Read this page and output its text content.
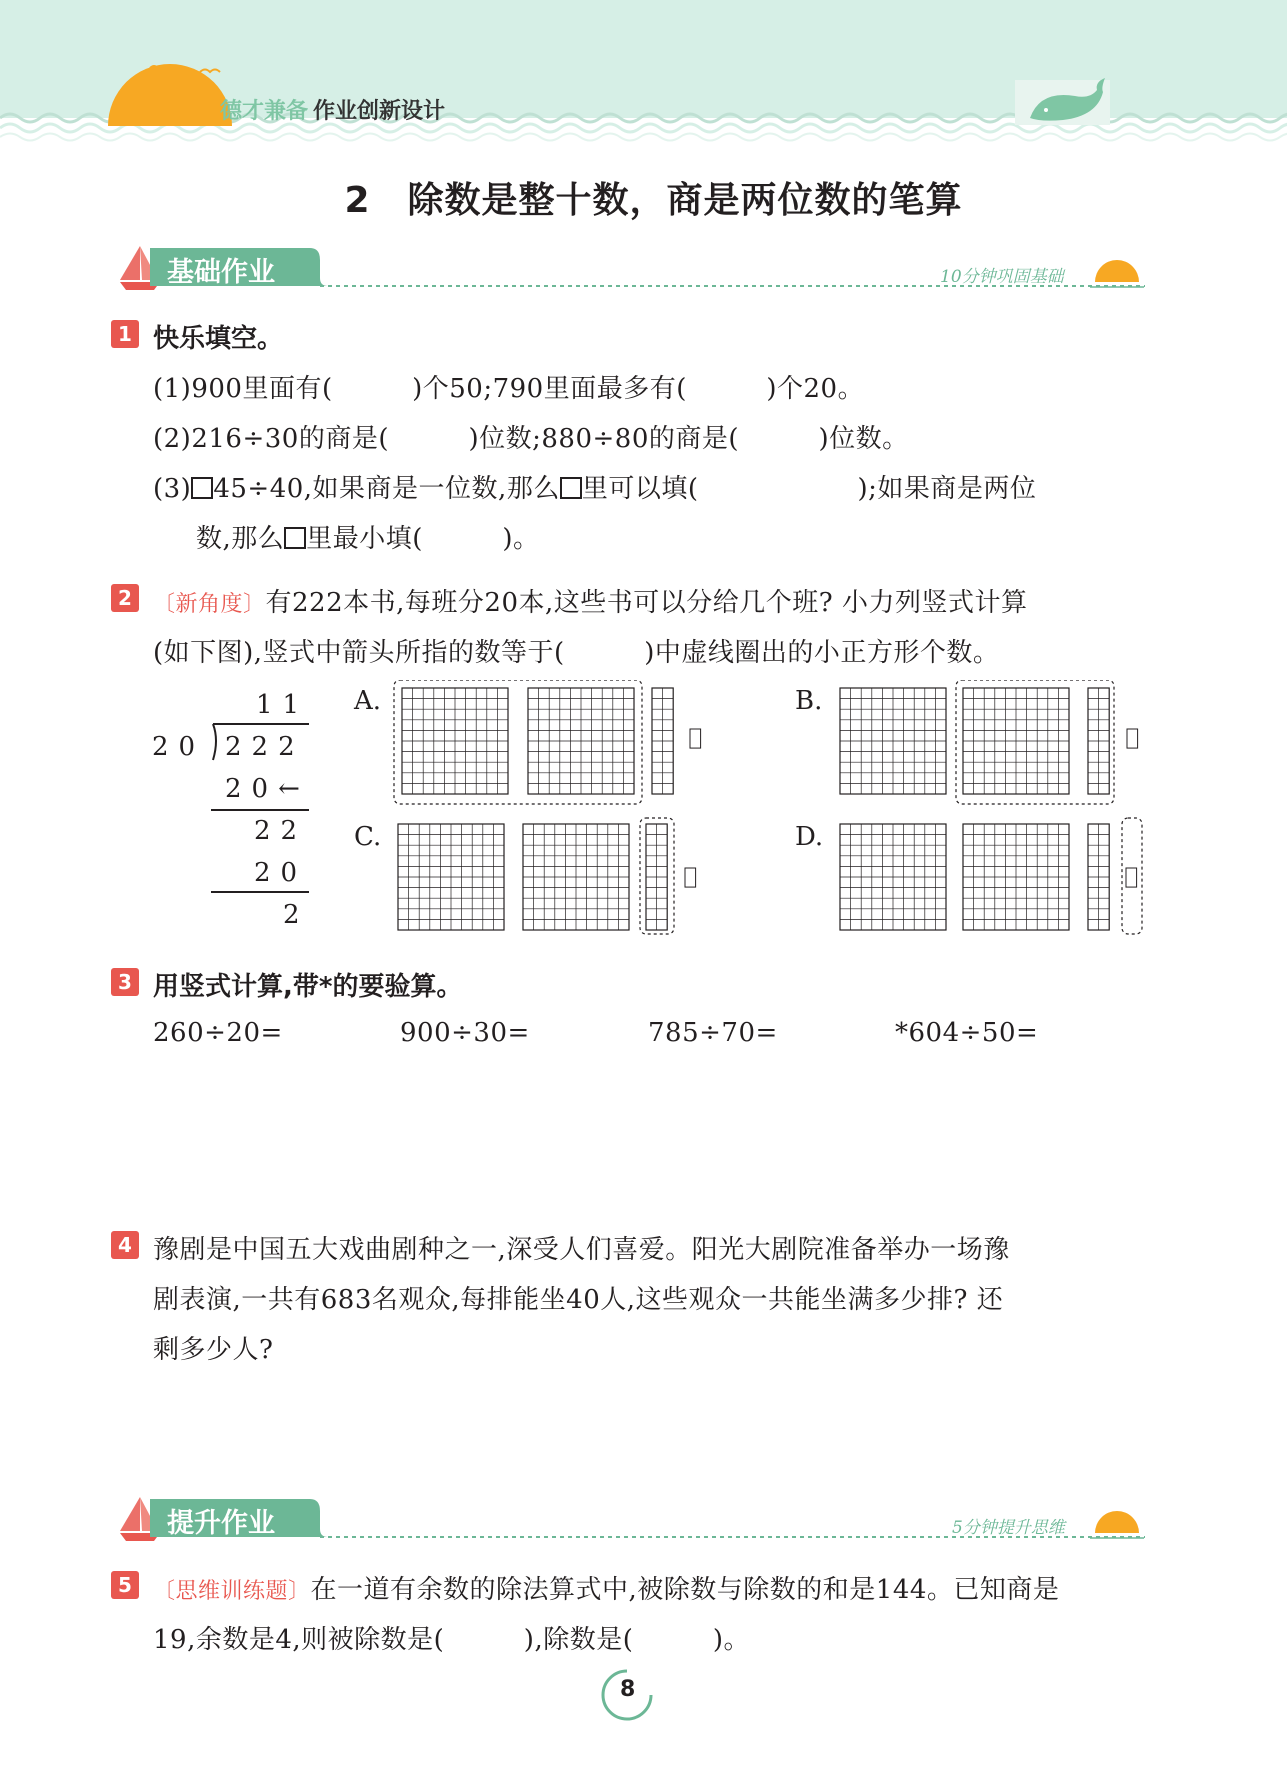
德才兼备 作业创新设计
2　除数是整十数，商是两位数的笔算
基础作业	10分钟巩固基础
1 快乐填空。
(1)900里面有(　　　)个50;790里面最多有(　　　)个20。
(2)216÷30的商是(　　　)位数;880÷80的商是(　　　)位数。
(3) 45÷40,如果商是一位数,那么 里可以填(　　　　　　);如果商是两位
数,那么 里最小填(　　　)。
2 〔新角度〕有222本书,每班分20本,这些书可以分给几个班? 小力列竖式计算
(如下图),竖式中箭头所指的数等于(　　　)中虚线圈出的小正方形个数。
11
20 222
20←
22
20
2
A.	B.
C.	D.
3 用竖式计算,带*的要验算。
260÷20=	900÷30=	785÷70=	*604÷50=
4 豫剧是中国五大戏曲剧种之一,深受人们喜爱。阳光大剧院准备举办一场豫
剧表演,一共有683名观众,每排能坐40人,这些观众一共能坐满多少排? 还
剩多少人?
提升作业	5分钟提升思维
5 〔思维训练题〕在一道有余数的除法算式中,被除数与除数的和是144。已知商是
19,余数是4,则被除数是(　　　),除数是(　　　)。
8
